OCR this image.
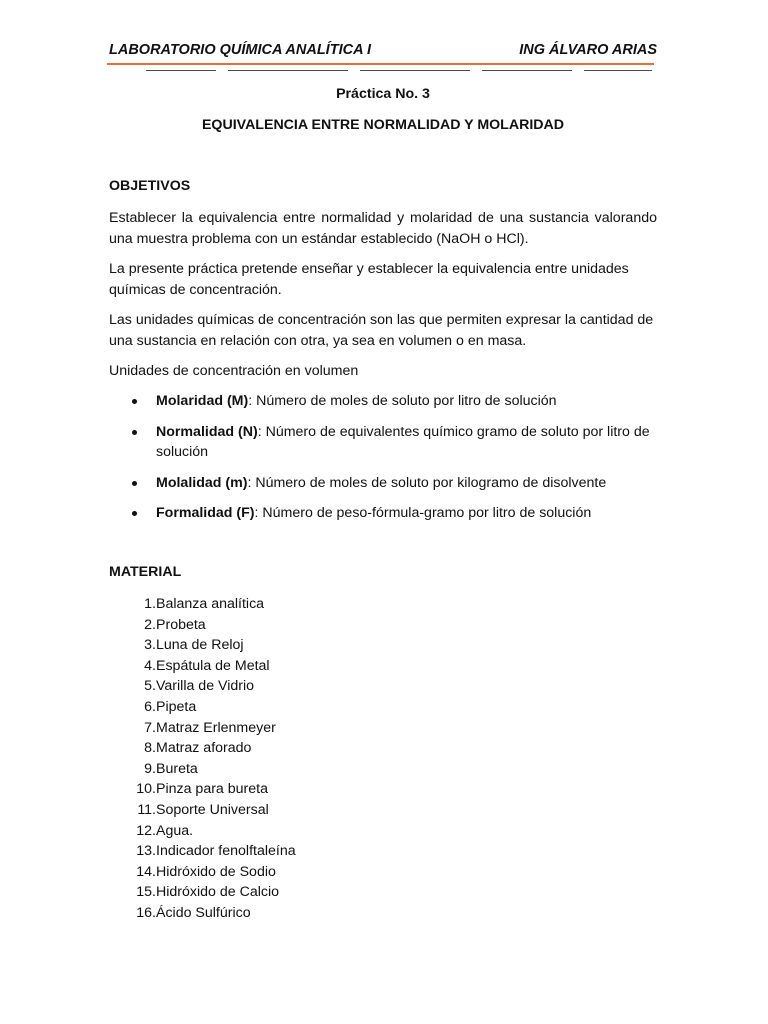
LABORATORIO QUÍMICA ANALÍTICA I	ING ÁLVARO ARIAS
Práctica No. 3
EQUIVALENCIA ENTRE NORMALIDAD Y MOLARIDAD
OBJETIVOS
Establecer la equivalencia entre normalidad y molaridad de una sustancia valorando una muestra problema con un estándar establecido (NaOH o HCl).
La presente práctica pretende enseñar y establecer la equivalencia entre unidades químicas de concentración.
Las unidades químicas de concentración son las que permiten expresar la cantidad de una sustancia en relación con otra, ya sea en volumen o en masa.
Unidades de concentración en volumen
Molaridad (M): Número de moles de soluto por litro de solución
Normalidad (N): Número de equivalentes químico gramo de soluto por litro de solución
Molalidad (m): Número de moles de soluto por kilogramo de disolvente
Formalidad (F): Número de peso-fórmula-gramo por litro de solución
MATERIAL
1. Balanza analítica
2. Probeta
3. Luna de Reloj
4. Espátula de Metal
5. Varilla de Vidrio
6. Pipeta
7. Matraz Erlenmeyer
8. Matraz aforado
9. Bureta
10. Pinza para bureta
11. Soporte Universal
12. Agua.
13. Indicador fenolftaleína
14. Hidróxido de Sodio
15. Hidróxido de Calcio
16. Ácido Sulfúrico
